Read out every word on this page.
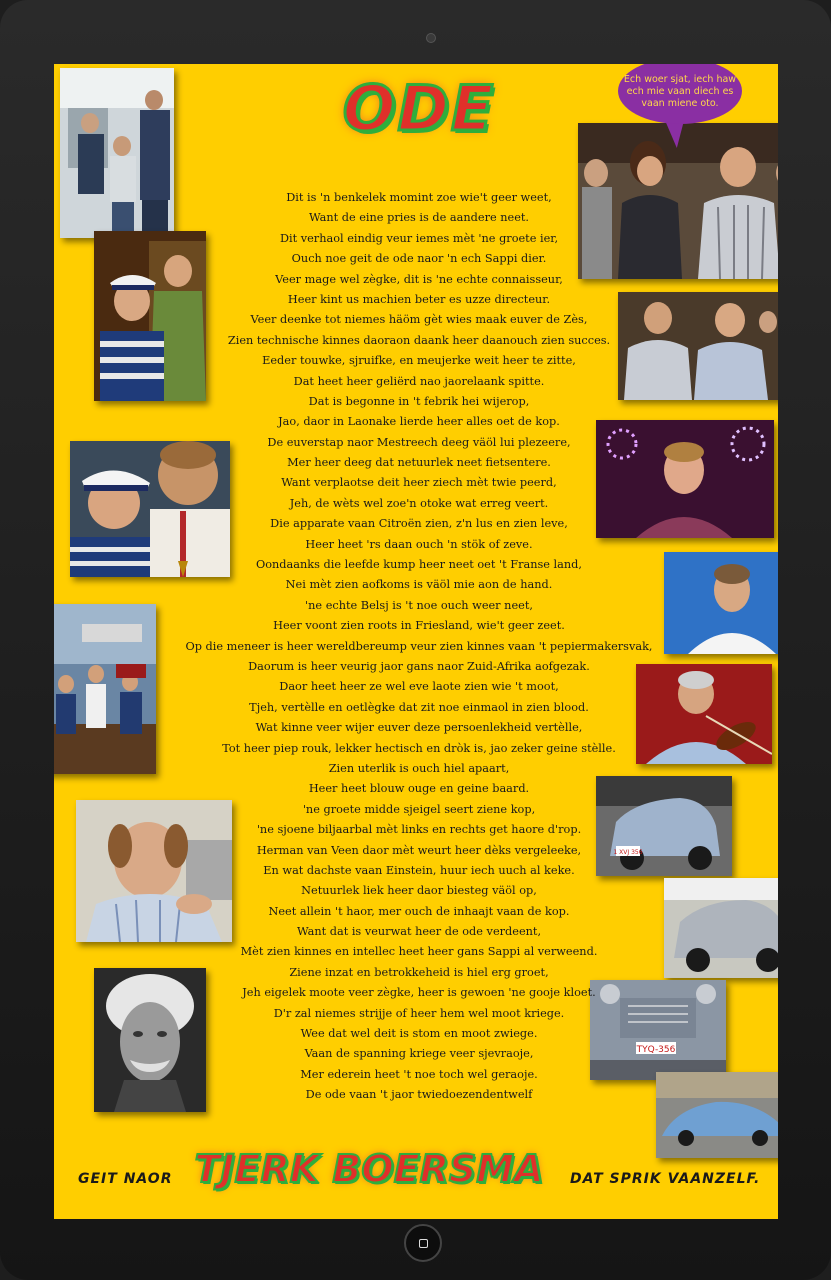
1 XVJ 356
TYQ-356
Ech woer sjat, iech haw ech mie vaan diech es vaan miene oto.
ODE
Dit is 'n benkelek momint zoe wie't geer weet,
Want de eine pries is de aandere neet.
Dit verhaol eindig veur iemes mèt 'ne groete ier,
Ouch noe geit de ode naor 'n ech Sappi dier.
Veer mage wel zègke, dit is 'ne echte connaisseur,
Heer kint us machien beter es uzze directeur.
Veer deenke tot niemes häöm gèt wies maak euver de Zès,
Zien technische kinnes daoraon daank heer daanouch zien succes.
Eeder touwke, sjruifke, en meujerke weit heer te zitte,
Dat heet heer geliërd nao jaorelaank spitte.
Dat is begonne in 't febrik hei wijerop,
Jao, daor in Laonake lierde heer alles oet de kop.
De euverstap naor Mestreech deeg väöl lui plezeere,
Mer heer deeg dat netuurlek neet fietsentere.
Want verplaotse deit heer ziech mèt twie peerd,
Jeh, de wèts wel zoe'n otoke wat erreg veert.
Die apparate vaan Citroën zien, z'n lus en zien leve,
Heer heet 'rs daan ouch 'n stök of zeve.
Oondaanks die leefde kump heer neet oet 't Franse land,
Nei mèt zien aofkoms is väöl mie aon de hand.
'ne echte Belsj is 't noe ouch weer neet,
Heer voont zien roots in Friesland, wie't geer zeet.
Op die meneer is heer wereldbereump veur zien kinnes vaan 't pepiermakersvak,
Daorum is heer veurig jaor gans naor Zuid-Afrika aofgezak.
Daor heet heer ze wel eve laote zien wie 't moot,
Tjeh, vertèlle en oetlègke dat zit noe einmaol in zien blood.
Wat kinne veer wijer euver deze persoenlekheid vertèlle,
Tot heer piep rouk, lekker hectisch en dròk is, jao zeker geine stèlle.
Zien uterlik is ouch hiel apaart,
Heer heet blouw ouge en geine baard.
'ne groete midde sjeigel seert ziene kop,
'ne sjoene biljaarbal mèt links en rechts get haore d'rop.
Herman van Veen daor mèt weurt heer dèks vergeleeke,
En wat dachste vaan Einstein, huur iech uuch al keke.
Netuurlek liek heer daor biesteg väöl op,
Neet allein 't haor, mer ouch de inhaajt vaan de kop.
Want dat is veurwat heer de ode verdeent,
Mèt zien kinnes en intellec heet heer gans Sappi al verweend.
Ziene inzat en betrokkeheid is hiel erg groet,
Jeh eigelek moote veer zègke, heer is gewoen 'ne gooje kloet.
D'r zal niemes strijje of heer hem wel moot kriege.
Wee dat wel deit is stom en moot zwiege.
Vaan de spanning kriege veer sjevraoje,
Mer ederein heet 't noe toch wel geraoje.
De ode vaan 't jaor twiedoezendentwelf
GEIT NAOR TJERK BOERSMA	DAT SPRIK VAANZELF.
